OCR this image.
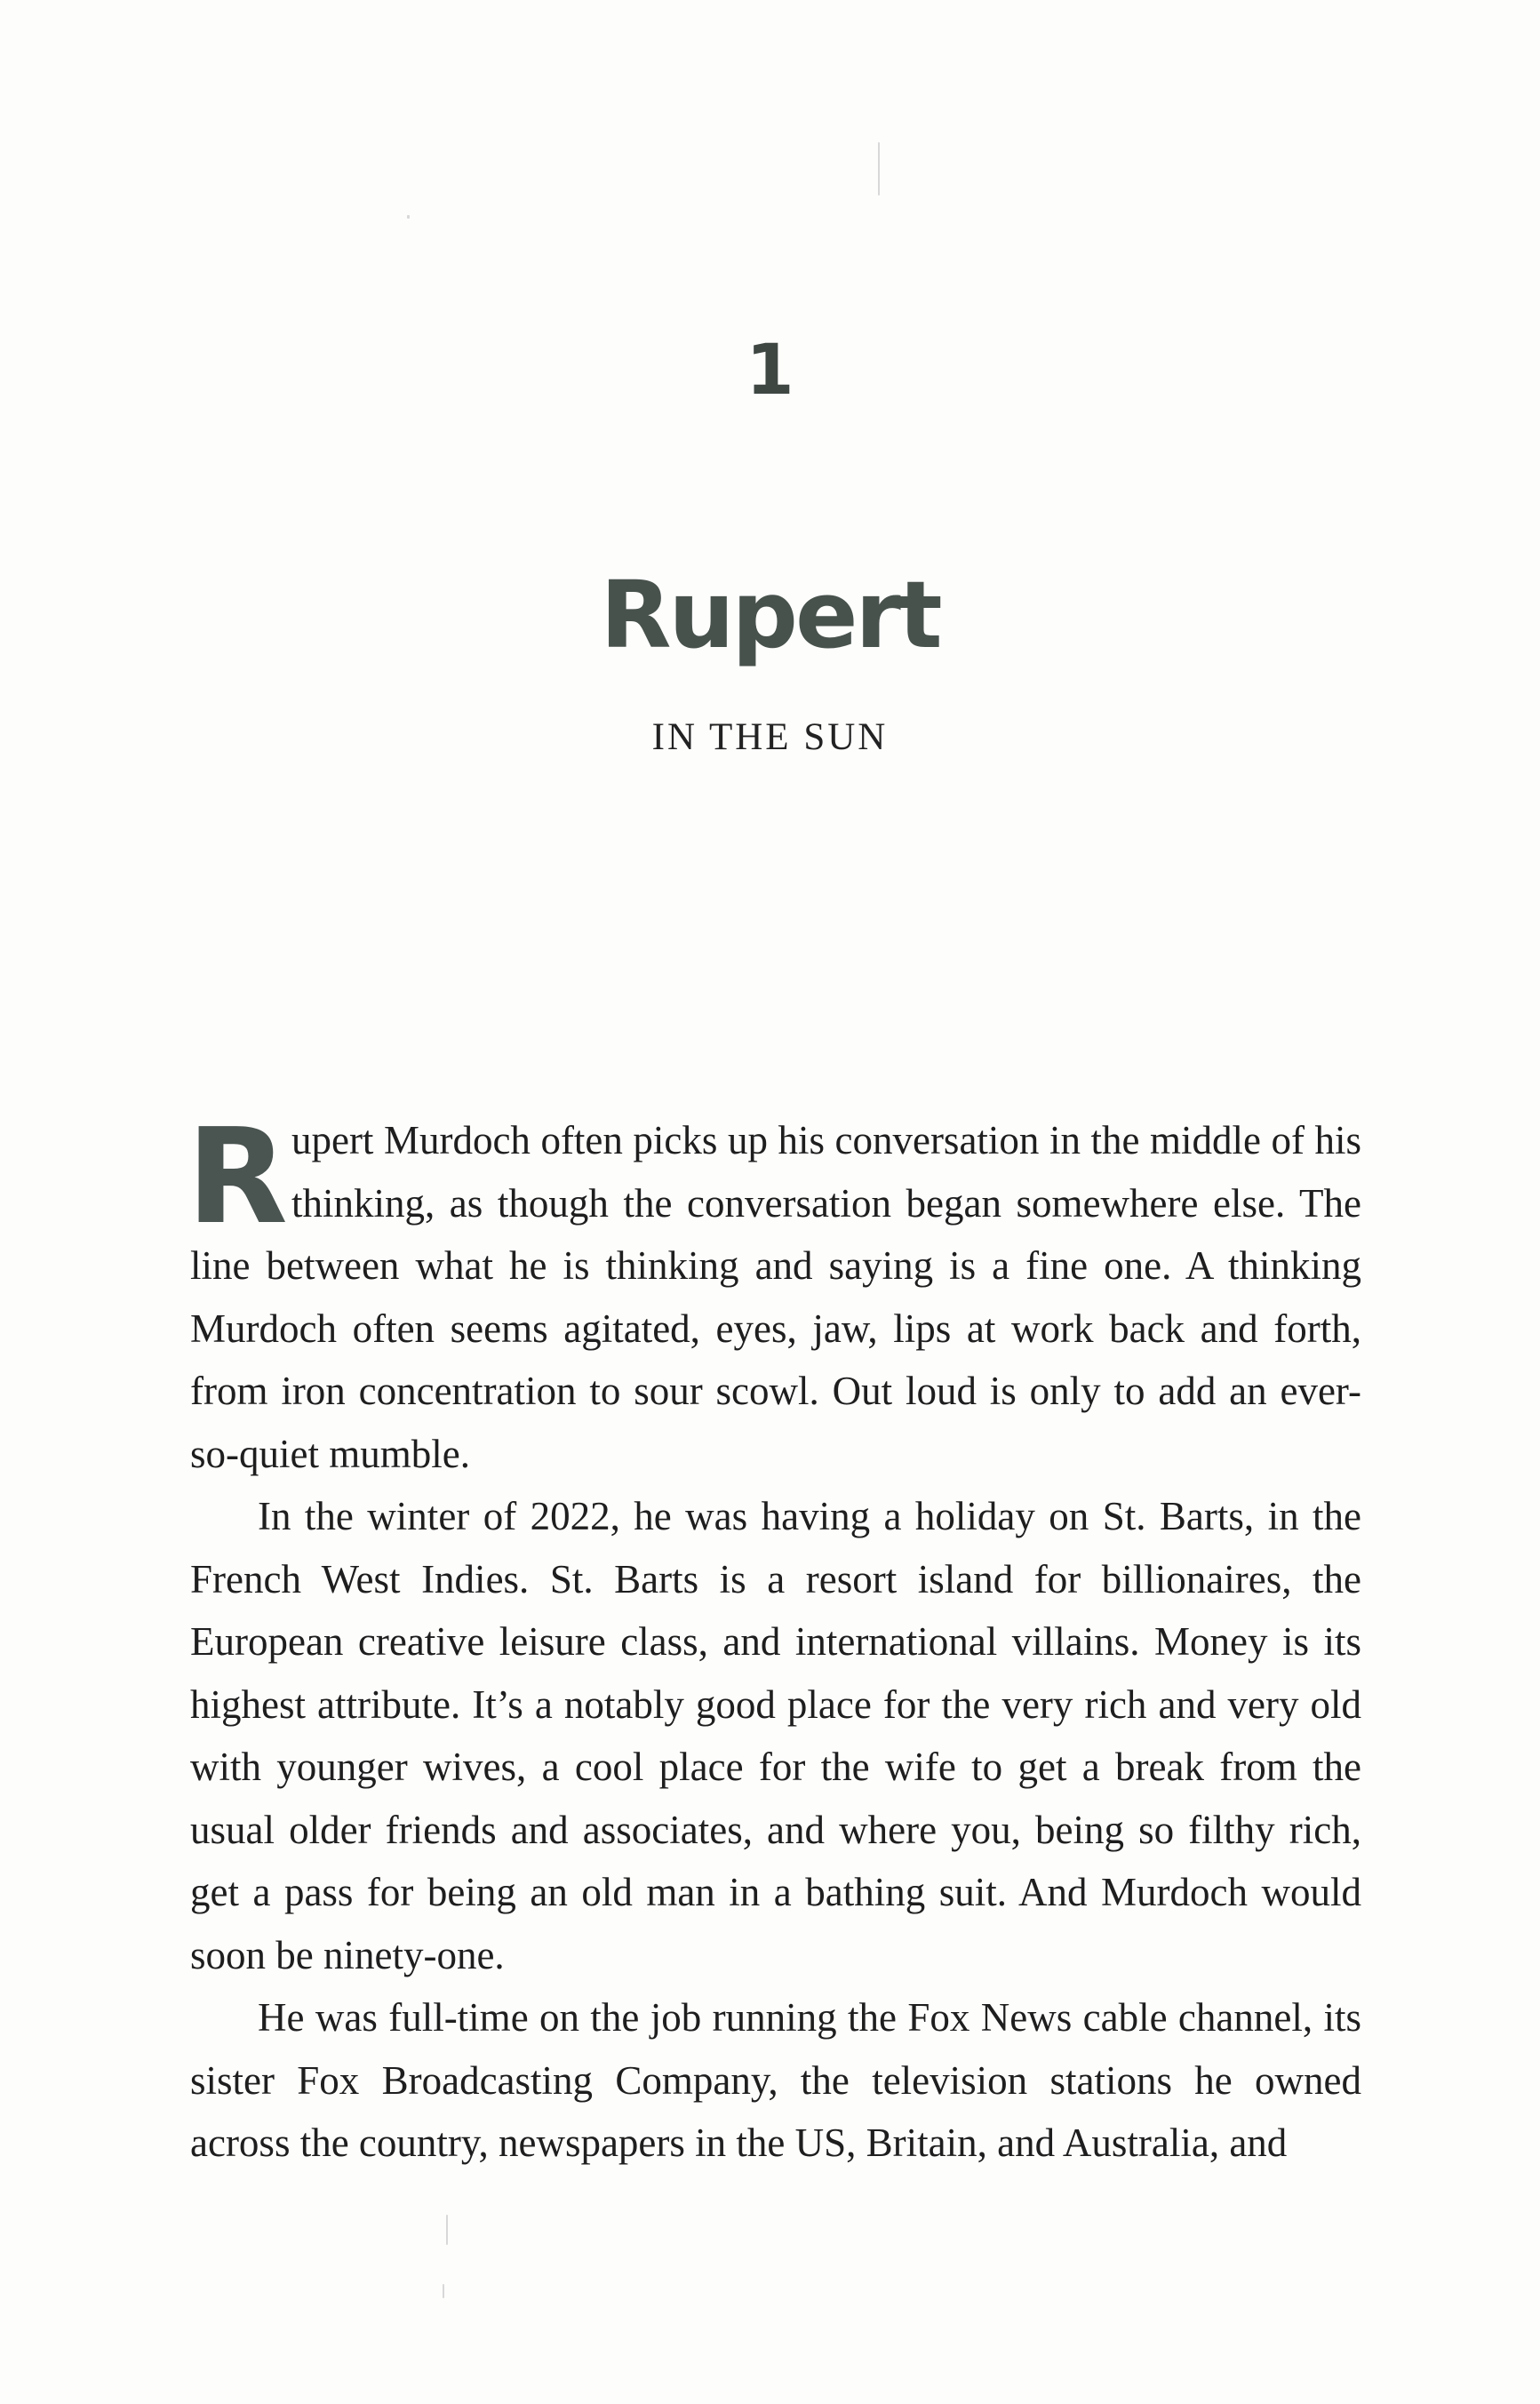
1
Rupert
IN THE SUN

Rupert Murdoch often picks up his conversation in the middle of his thinking, as though the conversation began somewhere else. The line between what he is thinking and saying is a fine one. A thinking Murdoch often seems agitated, eyes, jaw, lips at work back and forth, from iron concentration to sour scowl. Out loud is only to add an ever-so-quiet mumble.

In the winter of 2022, he was having a holiday on St. Barts, in the French West Indies. St. Barts is a resort island for billionaires, the European creative leisure class, and international villains. Money is its highest attribute. It’s a notably good place for the very rich and very old with younger wives, a cool place for the wife to get a break from the usual older friends and associates, and where you, being so filthy rich, get a pass for being an old man in a bathing suit. And Murdoch would soon be ninety-one.

He was full-time on the job running the Fox News cable channel, its sister Fox Broadcasting Company, the television stations he owned across the country, newspapers in the US, Britain, and Australia, and
